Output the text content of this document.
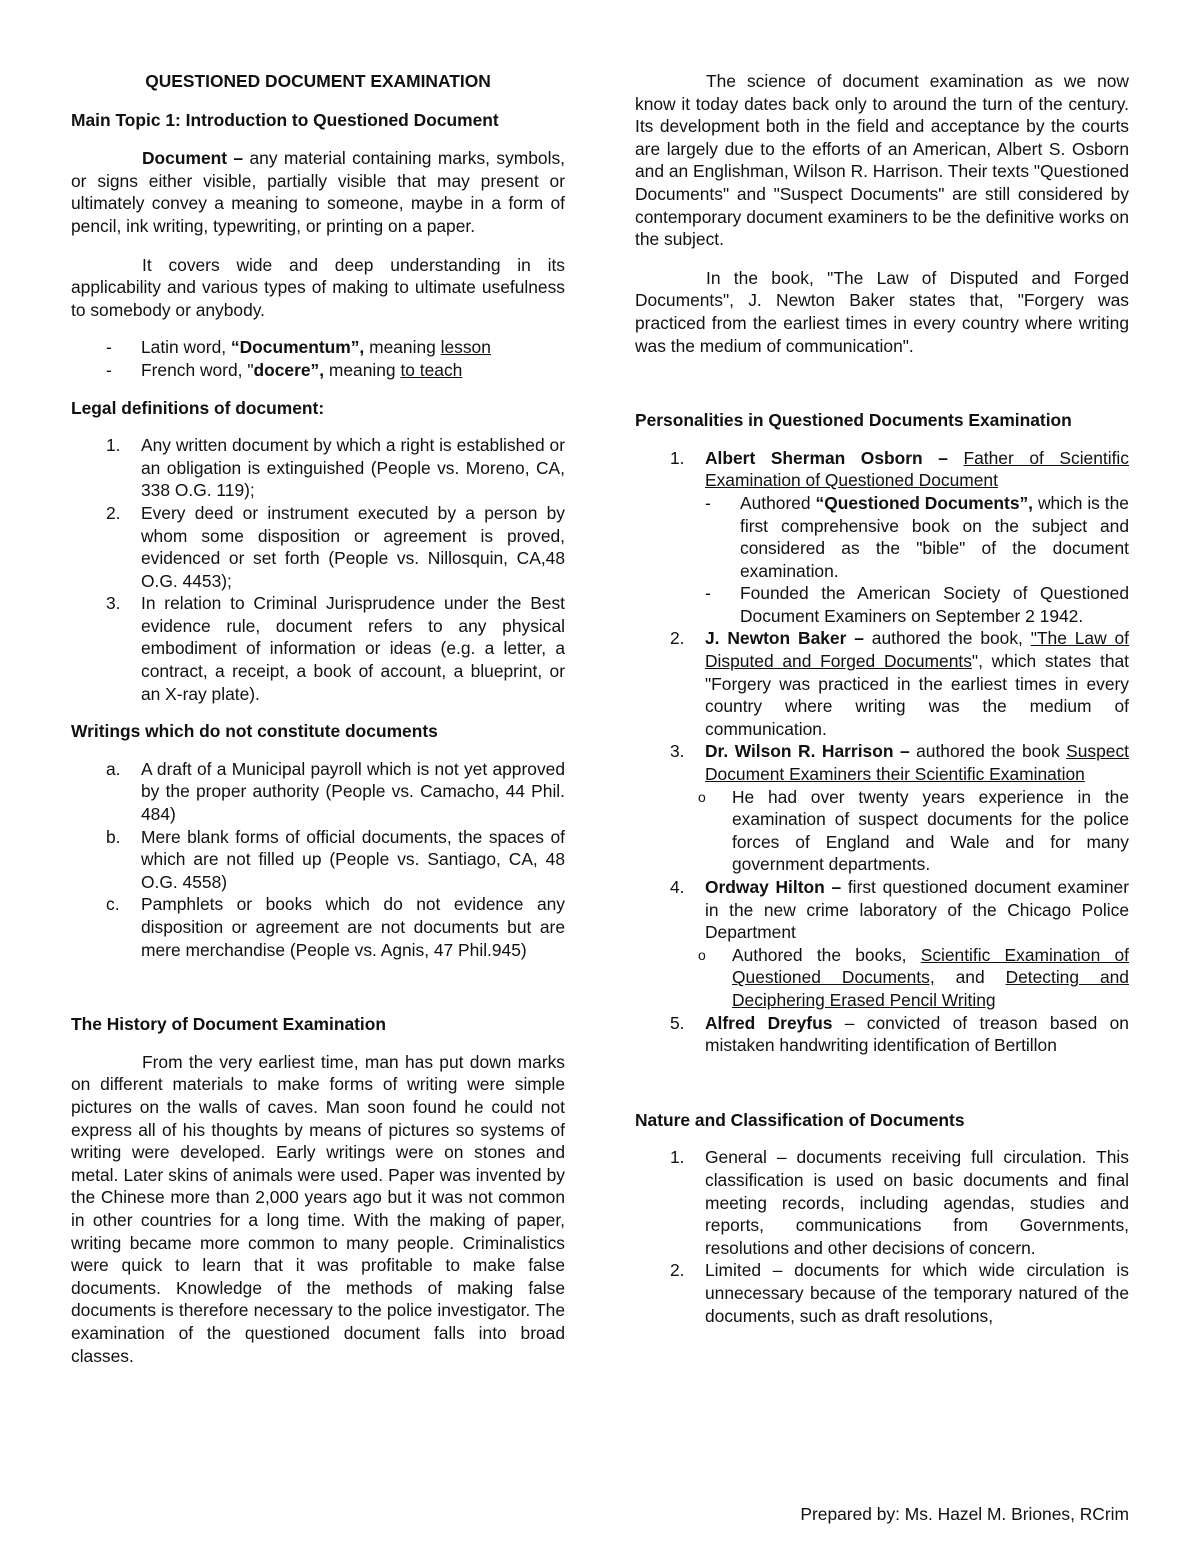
QUESTIONED DOCUMENT EXAMINATION

Main Topic 1: Introduction to Questioned Document

Document – any material containing marks, symbols, or signs either visible, partially visible that may present or ultimately convey a meaning to someone, maybe in a form of pencil, ink writing, typewriting, or printing on a paper.

It covers wide and deep understanding in its applicability and various types of making to ultimate usefulness to somebody or anybody.

- Latin word, “Documentum”, meaning lesson
- French word, "docere”, meaning to teach

Legal definitions of document:

1. Any written document by which a right is established or an obligation is extinguished (People vs. Moreno, CA, 338 O.G. 119);
2. Every deed or instrument executed by a person by whom some disposition or agreement is proved, evidenced or set forth (People vs. Nillosquin, CA,48 O.G. 4453);
3. In relation to Criminal Jurisprudence under the Best evidence rule, document refers to any physical embodiment of information or ideas (e.g. a letter, a contract, a receipt, a book of account, a blueprint, or an X-ray plate).

Writings which do not constitute documents

a. A draft of a Municipal payroll which is not yet approved by the proper authority (People vs. Camacho, 44 Phil. 484)
b. Mere blank forms of official documents, the spaces of which are not filled up (People vs. Santiago, CA, 48 O.G. 4558)
c. Pamphlets or books which do not evidence any disposition or agreement are not documents but are mere merchandise (People vs. Agnis, 47 Phil.945)

The History of Document Examination

From the very earliest time, man has put down marks on different materials to make forms of writing were simple pictures on the walls of caves. Man soon found he could not express all of his thoughts by means of pictures so systems of writing were developed. Early writings were on stones and metal. Later skins of animals were used. Paper was invented by the Chinese more than 2,000 years ago but it was not common in other countries for a long time. With the making of paper, writing became more common to many people. Criminalistics were quick to learn that it was profitable to make false documents. Knowledge of the methods of making false documents is therefore necessary to the police investigator. The examination of the questioned document falls into broad classes.

The science of document examination as we now know it today dates back only to around the turn of the century. Its development both in the field and acceptance by the courts are largely due to the efforts of an American, Albert S. Osborn and an Englishman, Wilson R. Harrison. Their texts "Questioned Documents" and "Suspect Documents" are still considered by contemporary document examiners to be the definitive works on the subject.

In the book, "The Law of Disputed and Forged Documents", J. Newton Baker states that, "Forgery was practiced from the earliest times in every country where writing was the medium of communication".

Personalities in Questioned Documents Examination

1. Albert Sherman Osborn – Father of Scientific Examination of Questioned Document
- Authored “Questioned Documents”, which is the first comprehensive book on the subject and considered as the "bible" of the document examination.
- Founded the American Society of Questioned Document Examiners on September 2 1942.
2. J. Newton Baker – authored the book, "The Law of Disputed and Forged Documents", which states that "Forgery was practiced in the earliest times in every country where writing was the medium of communication.
3. Dr. Wilson R. Harrison – authored the book Suspect Document Examiners their Scientific Examination
o He had over twenty years experience in the examination of suspect documents for the police forces of England and Wale and for many government departments.
4. Ordway Hilton – first questioned document examiner in the new crime laboratory of the Chicago Police Department
o Authored the books, Scientific Examination of Questioned Documents, and Detecting and Deciphering Erased Pencil Writing
5. Alfred Dreyfus – convicted of treason based on mistaken handwriting identification of Bertillon

Nature and Classification of Documents

1. General – documents receiving full circulation. This classification is used on basic documents and final meeting records, including agendas, studies and reports, communications from Governments, resolutions and other decisions of concern.
2. Limited – documents for which wide circulation is unnecessary because of the temporary natured of the documents, such as draft resolutions,
Prepared by: Ms. Hazel M. Briones, RCrim
